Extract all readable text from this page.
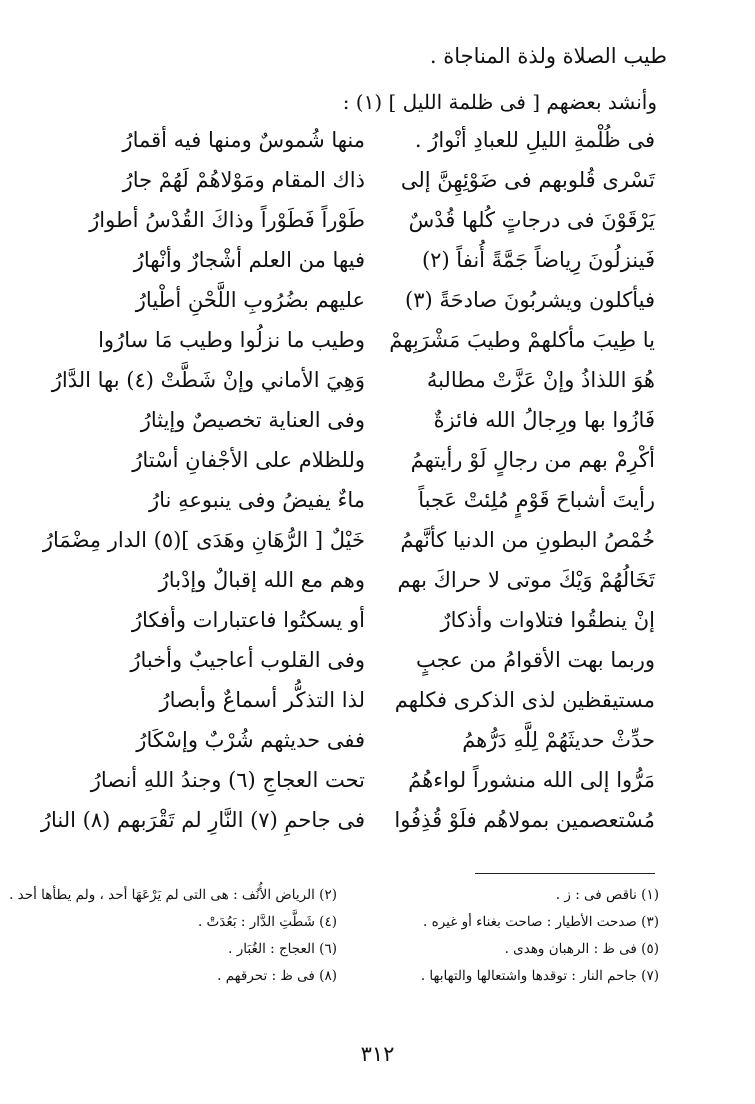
طيب الصلاة ولذة المناجاة .
وأنشد بعضهم [ فى ظلمة الليل ] (١) :
فى ظُلْمةِ الليلِ للعبادِ أنْوارُ .
منها شُموسٌ ومنها فيه أقمارُ
تَسْرى قُلوبهم فى ضَوْئِهِنَّ إلى
ذاك المقام ومَوْلاهُمْ لَهُمْ جارُ
يَرْقَوْنَ فى درجاتٍ كُلها قُدْسٌ
طَوْراً فَطَوْراً وذاكَ القُدْسُ أطوارُ
فَينزلُونَ رِياضاً جَمَّةً أُنفاً (٢)
فيها من العلم أشْجارٌ وأنْهارُ
فيأكلون ويشربُونَ صادحَةً (٣)
عليهم بضُرُوبِ اللَّحْنِ أطْيارُ
يا طِيبَ مأكلهمْ وطيبَ مَشْرَبِهمْ
وطيب ما نزلُوا وطيب مَا سارُوا
هُوَ اللذاذُ وإنْ عَزَّتْ مطالبهُ
وَهِيَ الأماني وإنْ شَطَّتْ (٤) بها الدَّارُ
فَازُوا بها ورِجالُ الله فائزةٌ
وفى العناية تخصيصٌ وإيثارُ
أكْرِمْ بهم من رجالٍ لَوْ رأيتهمُ
وللظلام على الأجْفانِ أسْتارُ
رأيتَ أشباحَ قَوْمٍ مُلِئتْ عَجباً
ماءٌ يفيضُ وفى ينبوعهِ نارُ
خُمْصُ البطونِ من الدنيا كأنَّهمُ
خَيْلٌ [ الرُّهَانِ وهَدَى ](٥) الدار مِضْمَارُ
تَخَالُهُمْ وَيْكَ موتى لا حراكَ بهم
وهم مع الله إقبالٌ وإدْبارُ
إنْ ينطقُوا فتلاوات وأذكارٌ
أو يسكتُوا فاعتبارات وأفكارُ
وربما بهت الأقوامُ من عجبٍ
وفى القلوب أعاجيبٌ وأخبارُ
مستيقظين لذى الذكرى فكلهم
لذا التذكُّر أسماعٌ وأبصارُ
حدِّثْ حديثَهُمْ لِلَّهِ دَرُّهمُ
ففى حديثهم شُرْبٌ وإسْكَارُ
مَرُّوا إلى الله منشوراً لواءهُمُ
تحت العجاجِ (٦) وجندُ اللهِ أنصارُ
مُسْتعصمين بمولاهُم فلَوْ قُذِفُوا
فى جاحمِ (٧) النَّارِ لم تَقْرَبهم (٨) النارُ
(١) ناقص فى : ز .
(٣) صدحت الأطيار : صاحت بغناء أو غيره .
(٥) فى ظ : الرهبان وهدى .
(٧) جاحم النار : توقدها واشتعالها والتهابها .
(٢) الرياض الأُنُف : هى التى لم يَرْعَهَا أحد ، ولم يطأها أحد .
(٤) شَطَّتِ الدَّار : بَعُدَتْ .
(٦) العجاج : الغُبَار .
(٨) فى ظ : تحرقهم .
٣١٢
